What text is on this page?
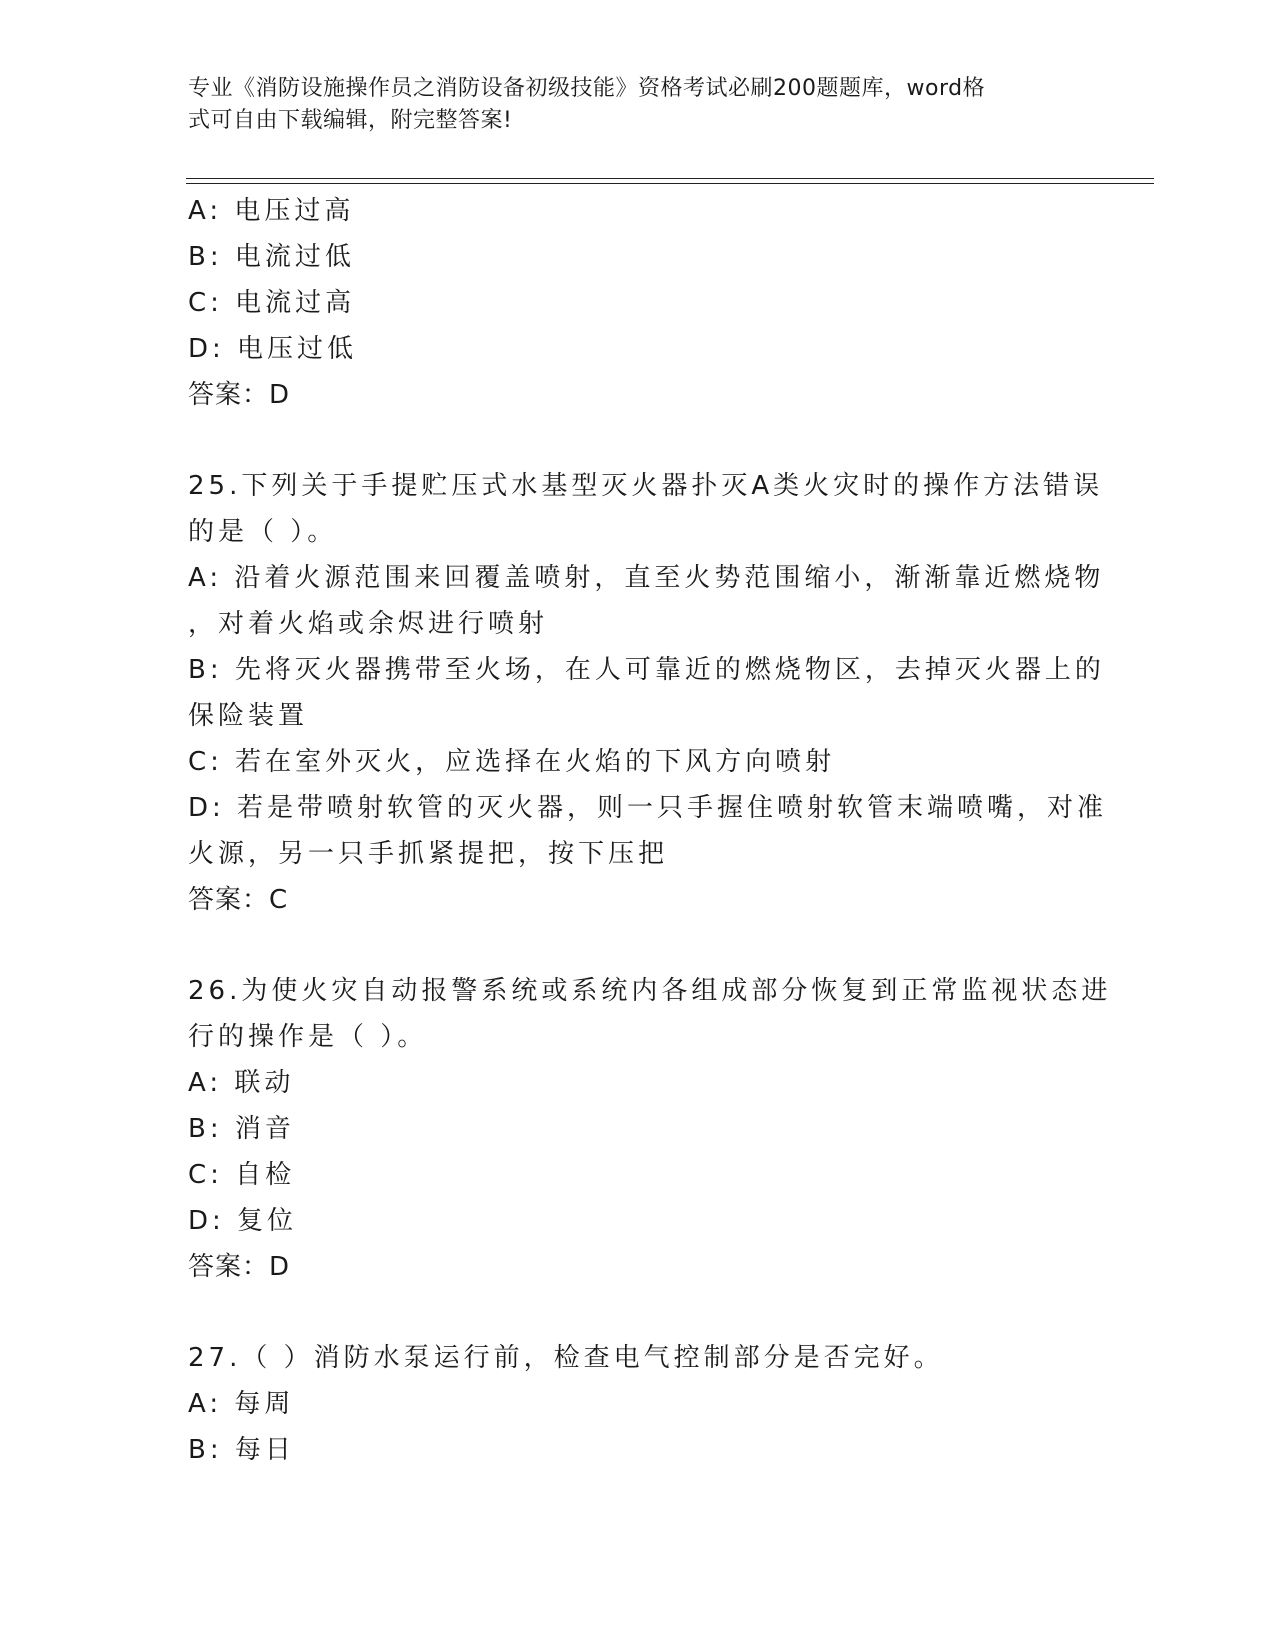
专业《消防设施操作员之消防设备初级技能》资格考试必刷200题题库，word格
式可自由下载编辑，附完整答案!
A: 电压过高
B: 电流过低
C: 电流过高
D: 电压过低
答案：D
25.下列关于手提贮压式水基型灭火器扑灭A类火灾时的操作方法错误
的是（ ）。
A: 沿着火源范围来回覆盖喷射，直至火势范围缩小，渐渐靠近燃烧物
，对着火焰或余烬进行喷射
B: 先将灭火器携带至火场，在人可靠近的燃烧物区，去掉灭火器上的
保险装置
C: 若在室外灭火，应选择在火焰的下风方向喷射
D: 若是带喷射软管的灭火器，则一只手握住喷射软管末端喷嘴，对准
火源，另一只手抓紧提把，按下压把
答案：C
26.为使火灾自动报警系统或系统内各组成部分恢复到正常监视状态进
行的操作是（ ）。
A: 联动
B: 消音
C: 自检
D: 复位
答案：D
27.（ ）消防水泵运行前，检查电气控制部分是否完好。
A: 每周
B: 每日
